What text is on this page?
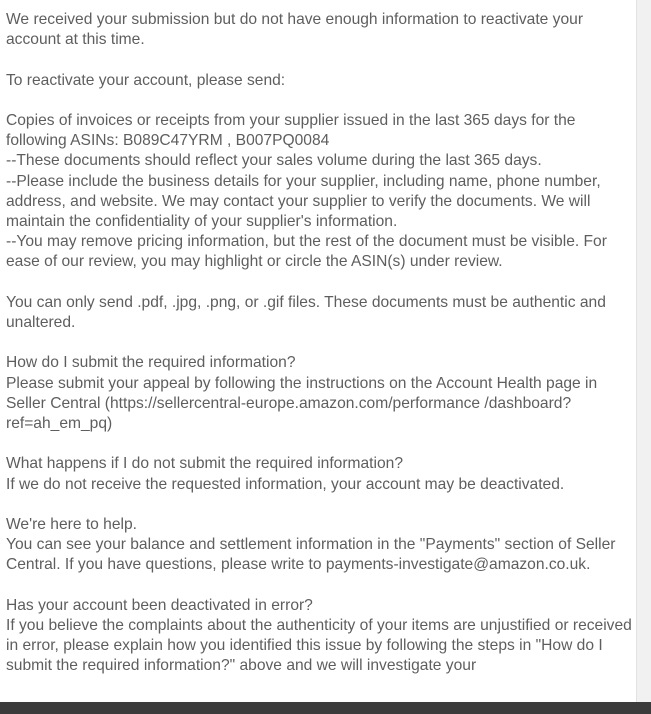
We received your submission but do not have enough information to reactivate your account at this time.

To reactivate your account, please send:

Copies of invoices or receipts from your supplier issued in the last 365 days for the following ASINs: B089C47YRM , B007PQ0084
--These documents should reflect your sales volume during the last 365 days.
--Please include the business details for your supplier, including name, phone number, address, and website. We may contact your supplier to verify the documents. We will maintain the confidentiality of your supplier's information.
--You may remove pricing information, but the rest of the document must be visible. For ease of our review, you may highlight or circle the ASIN(s) under review.

You can only send .pdf, .jpg, .png, or .gif files. These documents must be authentic and unaltered.

How do I submit the required information?
Please submit your appeal by following the instructions on the Account Health page in Seller Central (https://sellercentral-europe.amazon.com/performance /dashboard?ref=ah_em_pq)

What happens if I do not submit the required information?
If we do not receive the requested information, your account may be deactivated.

We're here to help.
You can see your balance and settlement information in the "Payments" section of Seller Central. If you have questions, please write to payments-investigate@amazon.co.uk.

Has your account been deactivated in error?
If you believe the complaints about the authenticity of your items are unjustified or received in error, please explain how you identified this issue by following the steps in "How do I submit the required information?" above and we will investigate your
